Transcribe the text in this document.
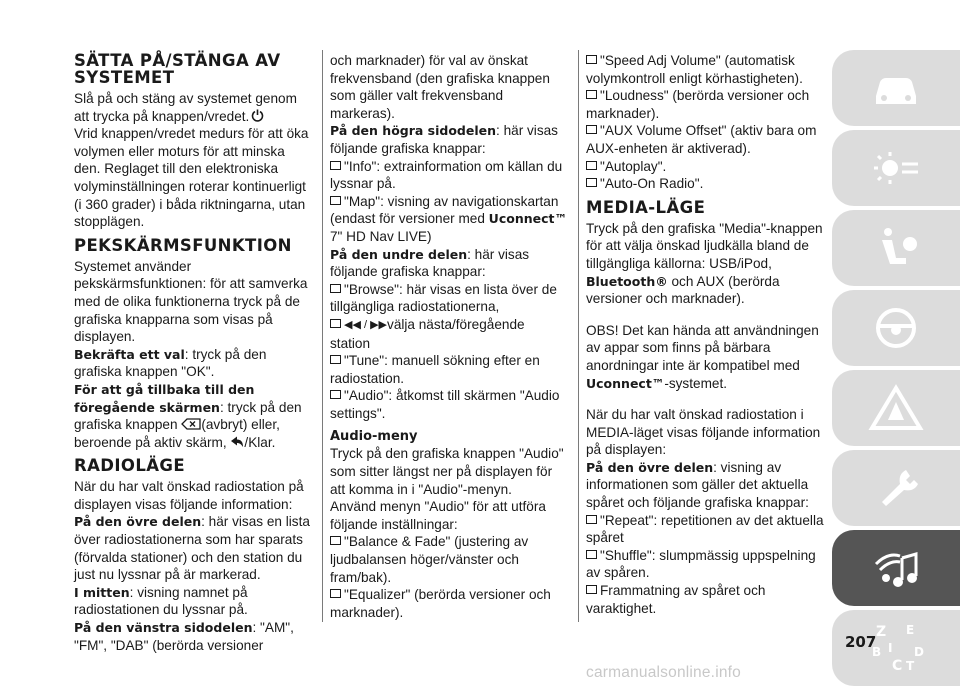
SÄTTA PÅ/STÄNGA AV SYSTEMET

Slå på och stäng av systemet genom att trycka på knappen/vredet.

Vrid knappen/vredet medurs för att öka volymen eller moturs för att minska den. Reglaget till den elektroniska volyminställningen roterar kontinuerligt (i 360 grader) i båda riktningarna, utan stopplägen.

PEKSKÄRMSFUNKTION

Systemet använder pekskärmsfunktionen: för att samverka med de olika funktionerna tryck på de grafiska knapparna som visas på displayen.

Bekräfta ett val: tryck på den grafiska knappen "OK".

För att gå tillbaka till den föregående skärmen: tryck på den grafiska knappen (avbryt) eller, beroende på aktiv skärm, /Klar.

RADIOLÄGE

När du har valt önskad radiostation på displayen visas följande information:

På den övre delen: här visas en lista över radiostationerna som har sparats (förvalda stationer) och den station du just nu lyssnar på är markerad.

I mitten: visning namnet på radiostationen du lyssnar på.

På den vänstra sidodelen: "AM", "FM", "DAB" (berörda versioner

och marknader) för val av önskat frekvensband (den grafiska knappen som gäller valt frekvensband markeras).

På den högra sidodelen: här visas följande grafiska knappar:

"Info": extrainformation om källan du lyssnar på.

"Map": visning av navigationskartan (endast för versioner med Uconnect™
7" HD Nav LIVE)

På den undre delen: här visas följande grafiska knappar:

"Browse": här visas en lista över de tillgängliga radiostationerna,

◀◀ / ▶▶välja nästa/föregående station

"Tune": manuell sökning efter en radiostation.

"Audio": åtkomst till skärmen "Audio settings".

Audio-meny

Tryck på den grafiska knappen "Audio" som sitter längst ner på displayen för att komma in i "Audio"-menyn.

Använd menyn "Audio" för att utföra följande inställningar:

"Balance & Fade" (justering av ljudbalansen höger/vänster och fram/bak).

"Equalizer" (berörda versioner och marknader).

"Speed Adj Volume" (automatisk volymkontroll enligt körhastigheten).

"Loudness" (berörda versioner och marknader).

"AUX Volume Offset" (aktiv bara om AUX-enheten är aktiverad).

"Autoplay".

"Auto-On Radio".

MEDIA-LÄGE

Tryck på den grafiska "Media"-knappen för att välja önskad ljudkälla bland de tillgängliga källorna: USB/iPod,
Bluetooth® och AUX (berörda versioner och marknader).

OBS! Det kan hända att användningen av appar som finns på bärbara anordningar inte är kompatibel med
Uconnect™-systemet.

När du har valt önskad radiostation i MEDIA-läget visas följande information på displayen:

På den övre delen: visning av informationen som gäller det aktuella spåret och följande grafiska knappar:

"Repeat": repetitionen av det aktuella spåret

"Shuffle": slumpmässig uppspelning av spåren.

Frammatning av spåret och varaktighet.

Z E
B
C
D
T
I
207
carmanualsonline.info
